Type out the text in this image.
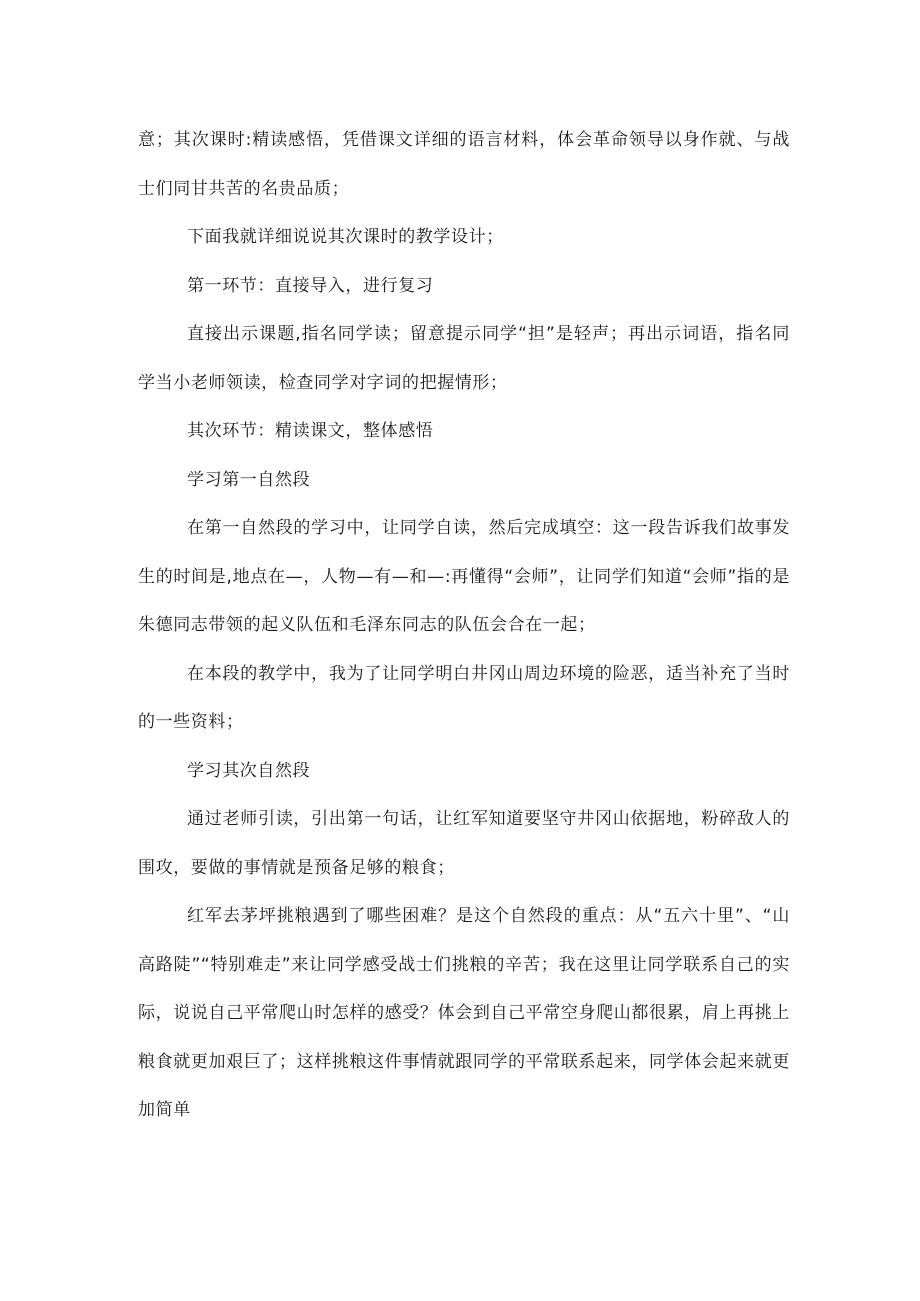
意；其次课时:精读感悟，凭借课文详细的语言材料，体会革命领导以身作就、与战士们同甘共苦的名贵品质；

下面我就详细说说其次课时的教学设计；

第一环节：直接导入，进行复习

直接出示课题,指名同学读；留意提示同学“担”是轻声；再出示词语，指名同学当小老师领读，检查同学对字词的把握情形；

其次环节：精读课文，整体感悟

学习第一自然段

在第一自然段的学习中，让同学自读，然后完成填空：这一段告诉我们故事发生的时间是,地点在—，人物—有—和—:再懂得“会师”，让同学们知道“会师”指的是朱德同志带领的起义队伍和毛泽东同志的队伍会合在一起；

在本段的教学中，我为了让同学明白井冈山周边环境的险恶，适当补充了当时的一些资料；

学习其次自然段

通过老师引读，引出第一句话，让红军知道要坚守井冈山依据地，粉碎敌人的围攻，要做的事情就是预备足够的粮食；

红军去茅坪挑粮遇到了哪些困难？是这个自然段的重点：从“五六十里”、“山高路陡”“特别难走”来让同学感受战士们挑粮的辛苦；我在这里让同学联系自己的实际，说说自己平常爬山时怎样的感受？体会到自己平常空身爬山都很累，肩上再挑上粮食就更加艰巨了；这样挑粮这件事情就跟同学的平常联系起来，同学体会起来就更加简单
